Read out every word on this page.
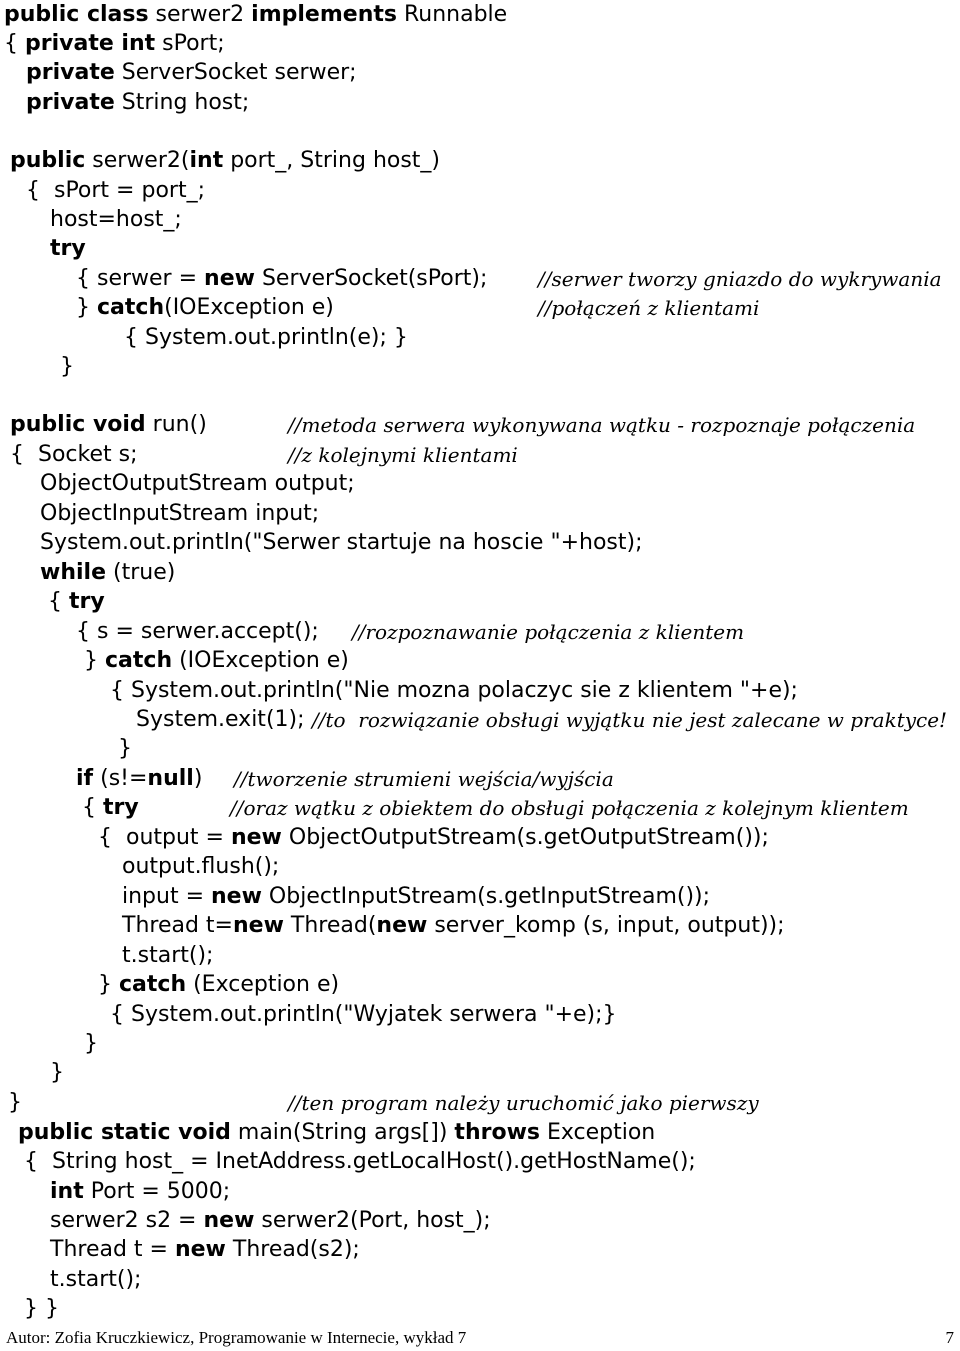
public class serwer2 implements Runnable
{ private int sPort;
private ServerSocket serwer;
private String host;
public serwer2(int port_, String host_)
{  sPort = port_;
host=host_;
try
{ serwer = new ServerSocket(sPort);
} catch(IOException e)
{ System.out.println(e); }
}
public void run()
{  Socket s;
ObjectOutputStream output;
ObjectInputStream input;
System.out.println("Serwer startuje na hoscie "+host);
while (true)
{ try
{ s = serwer.accept();
} catch (IOException e)
{ System.out.println("Nie mozna polaczyc sie z klientem "+e);
System.exit(1);
}
if (s!=null)
{ try
{  output = new ObjectOutputStream(s.getOutputStream());
output.flush();
input = new ObjectInputStream(s.getInputStream());
Thread t=new Thread(new server_komp (s, input, output));
t.start();
} catch (Exception e)
{ System.out.println("Wyjatek serwera "+e);}
}
}
}
public static void main(String args[]) throws Exception
{  String host_ = InetAddress.getLocalHost().getHostName();
int Port = 5000;
serwer2 s2 = new serwer2(Port, host_);
Thread t = new Thread(s2);
t.start();
} }
//serwer tworzy gniazdo do wykrywania
//połączeń z klientami
//metoda serwera wykonywana wątku - rozpoznaje połączenia
//z kolejnymi klientami
//rozpoznawanie połączenia z klientem
//to  rozwiązanie obsługi wyjątku nie jest zalecane w praktyce!
//tworzenie strumieni wejścia/wyjścia
//oraz wątku z obiektem do obsługi połączenia z kolejnym klientem
//ten program należy uruchomić jako pierwszy
Autor: Zofia Kruczkiewicz, Programowanie w Internecie, wykład 7	7
